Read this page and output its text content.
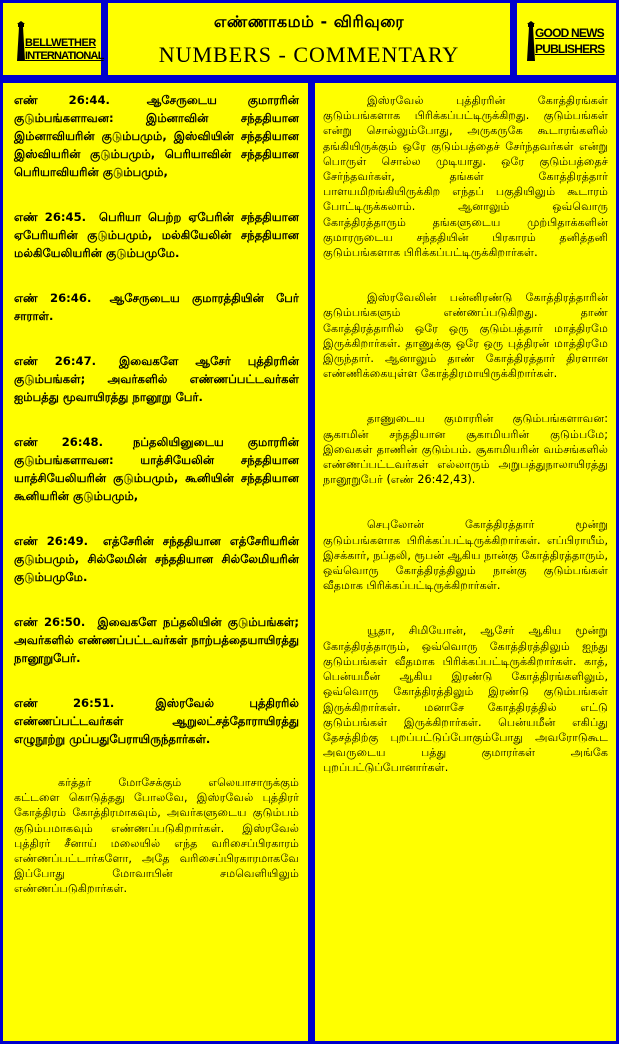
BELLWETHER
INTERNATIONAL
எண்ணாகமம் - விரிவுரை
NUMBERS - COMMENTARY
GOOD NEWS
PUBLISHERS
எண் 26:44.	ஆசேருடைய குமாரரின் குடும்பங்களாவன: இம்னாவின் சந்ததியான இம்னாவியரின் குடும்பமும், இஸ்வியின் சந்ததியான இஸ்வியரின் குடும்பமும், பெரியாவின் சந்ததியான பெரியாவியரின் குடும்பமும்,
எண் 26:45. பெரியா பெற்ற ஏபேரின் சந்ததியான ஏபேரியரின் குடும்பமும், மல்கியேலின் சந்ததியான மல்கியேலியரின் குடும்பமுமே.
எண் 26:46. ஆசேருடைய குமாரத்தியின் பேர் சாராள்.
எண் 26:47. இவைகளே ஆசேர் புத்திரரின் குடும்பங்கள்; அவர்களில் எண்ணப்பட்டவர்கள் ஐம்பத்து மூவாயிரத்து நானூறு பேர்.
எண் 26:48.	நப்தலியினுடைய குமாரரின் குடும்பங்களாவன: யாத்சியேலின் சந்ததியான யாத்சியேலியரின் குடும்பமும், கூனியின் சந்ததியான கூனியரின் குடும்பமும்,
எண் 26:49. எத்சேரின் சந்ததியான எத்சேரியரின் குடும்பமும், சில்லேமின் சந்ததியான சில்லேமியரின் குடும்பமுமே.
எண் 26:50. இவைகளே நப்தலியின் குடும்பங்கள்; அவர்களில் எண்ணப்பட்டவர்கள் நாற்பத்தையாயிரத்து நானூறுபேர்.
எண் 26:51.	இஸ்ரவேல் புத்திரரில் எண்ணப்பட்டவர்கள் ஆறுலட்சத்தோராயிரத்து எழுநூற்று முப்பதுபேராயிருந்தார்கள்.

கர்த்தர் மோசேக்கும் எலெயாசாருக்கும் கட்டளை கொடுத்தது போலவே, இஸ்ரவேல் புத்திரர் கோத்திரம் கோத்திரமாகவும், அவர்களுடைய குடும்பம் குடும்பமாகவும் எண்ணப்படுகிறார்கள். இஸ்ரவேல் புத்திரர் சீனாய் மலையில் எந்த வரிசைப்பிரகாரம் எண்ணப்பட்டார்களோ, அதே வரிசைப்பிரகாரமாகவே இப்போது மோவாபின் சமவெளியிலும் எண்ணப்படுகிறார்கள்.

இஸ்ரவேல் புத்திரரின் கோத்திரங்கள் குடும்பங்களாக பிரிக்கப்பட்டிருக்கிறது. குடும்பங்கள் என்று சொல்லும்போது, அருகருகே கூடாரங்களில் தங்கியிருக்கும் ஒரே குடும்பத்தைச் சேர்ந்தவர்கள் என்று பொருள் சொல்ல முடியாது. ஒரே குடும்பத்தைச் சேர்ந்தவர்கள், தங்கள் கோத்திரத்தார் பாளயமிறங்கியிருக்கிற எந்தப் பகுதியிலும் கூடாரம் போட்டிருக்கலாம். ஆனாலும் ஒவ்வொரு கோத்திரத்தாரும் தங்களுடைய முற்பிதாக்களின் குமாரருடைய சந்ததியின் பிரகாரம் தனித்தனி குடும்பங்களாக பிரிக்கப்பட்டிருக்கிறார்கள்.

இஸ்ரவேலின் பன்னிரண்டு கோத்திரத்தாரின் குடும்பங்களும் எண்ணப்படுகிறது. தாண் கோத்திரத்தாரில் ஒரே ஒரு குடும்பத்தார் மாத்திரமே இருக்கிறார்கள். தாணுக்கு ஒரே ஒரு புத்திரன் மாத்திரமே இருந்தார். ஆனாலும் தாண் கோத்திரத்தார் திரளான எண்ணிக்கையுள்ள கோத்திரமாயிருக்கிறார்கள்.

தாணுடைய குமாரரின் குடும்பங்களாவன: சூகாமின் சந்ததியான சூகாமியரின் குடும்பமே; இவைகள் தாணின் குடும்பம். சூகாமியரின் வம்சங்களில் எண்ணப்பட்டவர்கள் எல்லாரும் அறுபத்துநாலாயிரத்து நானூறுபேர் (எண் 26:42,43).

செபுலோன் கோத்திரத்தார் மூன்று குடும்பங்களாக பிரிக்கப்பட்டிருக்கிறார்கள். எப்பிராயீம், இசக்கார், நப்தலி, ரூபன் ஆகிய நான்கு கோத்திரத்தாரும், ஒவ்வொரு கோத்திரத்திலும் நான்கு குடும்பங்கள் வீதமாக பிரிக்கப்பட்டிருக்கிறார்கள்.

யூதா, சிமியோன், ஆசேர் ஆகிய மூன்று கோத்திரத்தாரும், ஒவ்வொரு கோத்திரத்திலும் ஐந்து குடும்பங்கள் வீதமாக பிரிக்கப்பட்டிருக்கிறார்கள். காத், பென்யமீன் ஆகிய இரண்டு கோத்திரங்களிலும், ஒவ்வொரு கோத்திரத்திலும் இரண்டு குடும்பங்கள் இருக்கிறார்கள். மனாசே கோத்திரத்தில் எட்டு குடும்பங்கள் இருக்கிறார்கள். பென்யமீன் எகிப்து தேசத்திற்கு புறப்பட்டுப்போகும்போது அவரோடுகூட அவருடைய பத்து குமாரர்கள் அங்கே புறப்பட்டுப்போனார்கள்.
